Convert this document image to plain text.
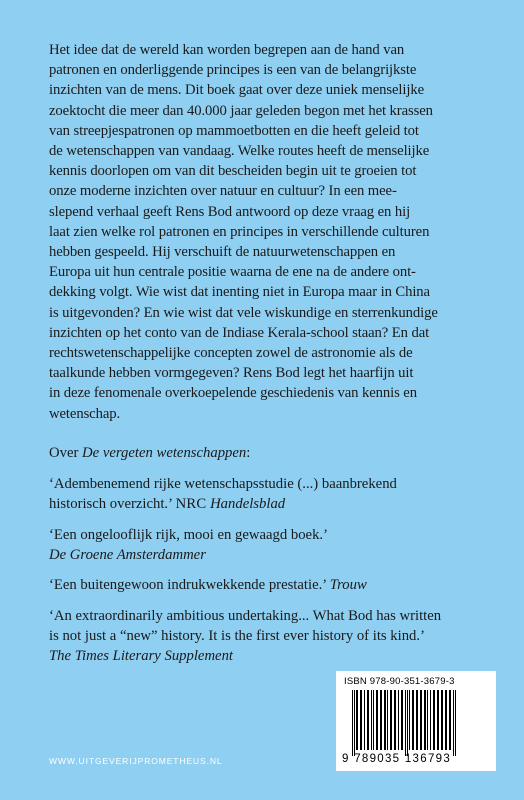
Het idee dat de wereld kan worden begrepen aan de hand van
patronen en onderliggende principes is een van de belangrijkste
inzichten van de mens. Dit boek gaat over deze uniek menselijke
zoektocht die meer dan 40.000 jaar geleden begon met het krassen
van streepjespatronen op mammoetbotten en die heeft geleid tot
de wetenschappen van vandaag. Welke routes heeft de menselijke
kennis doorlopen om van dit bescheiden begin uit te groeien tot
onze moderne inzichten over natuur en cultuur? In een mee-
slepend verhaal geeft Rens Bod antwoord op deze vraag en hij
laat zien welke rol patronen en principes in verschillende culturen
hebben gespeeld. Hij verschuift de natuurwetenschappen en
Europa uit hun centrale positie waarna de ene na de andere ont-
dekking volgt. Wie wist dat inenting niet in Europa maar in China
is uitgevonden? En wie wist dat vele wiskundige en sterrenkundige
inzichten op het conto van de Indiase Kerala-school staan? En dat
rechtswetenschappelijke concepten zowel de astronomie als de
taalkunde hebben vormgegeven? Rens Bod legt het haarfijn uit
in deze fenomenale overkoepelende geschiedenis van kennis en
wetenschap.
Over De vergeten wetenschappen:
‘Adembenemend rijke wetenschapsstudie (...) baanbrekend
historisch overzicht.’ NRC Handelsblad
‘Een ongelooflijk rijk, mooi en gewaagd boek.’
De Groene Amsterdammer
‘Een buitengewoon indrukwekkende prestatie.’ Trouw
‘An extraordinarily ambitious undertaking... What Bod has written
is not just a “new” history. It is the first ever history of its kind.’
The Times Literary Supplement
ISBN 978-90-351-3679-3
9 789035 136793
WWW.UITGEVERIJPROMETHEUS.NL
